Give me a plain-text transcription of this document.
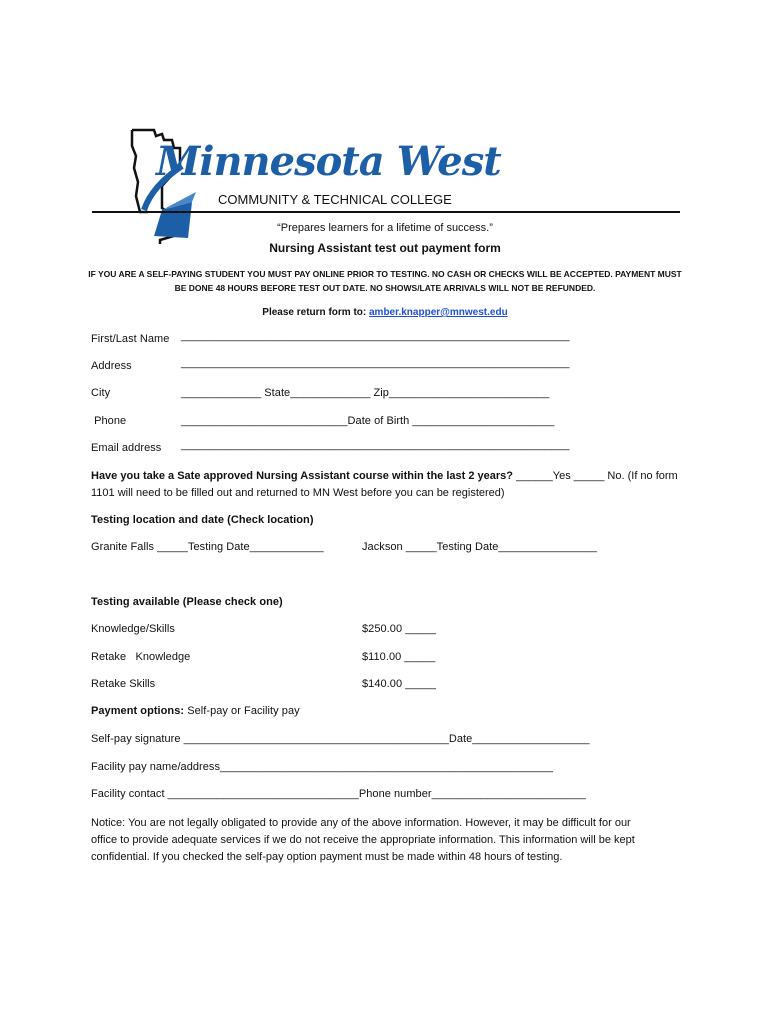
Minnesota West
COMMUNITY & TECHNICAL COLLEGE
“Prepares learners for a lifetime of success.”
Nursing Assistant test out payment form
IF YOU ARE A SELF-PAYING STUDENT YOU MUST PAY ONLINE PRIOR TO TESTING. NO CASH OR CHECKS WILL BE ACCEPTED. PAYMENT MUST
BE DONE 48 HOURS BEFORE TEST OUT DATE. NO SHOWS/LATE ARRIVALS WILL NOT BE REFUNDED.
Please return form to: amber.knapper@mnwest.edu
First/Last Name _______________________________________________________________
Address	_______________________________________________________________
City	_____________ State_____________ Zip__________________________
Phone	___________________________Date of Birth _______________________
Email address _______________________________________________________________
Have you take a Sate approved Nursing Assistant course within the last 2 years? ______Yes _____ No. (If no form
1101 will need to be filled out and returned to MN West before you can be registered)
Testing location and date (Check location)
Granite Falls _____Testing Date____________	Jackson _____Testing Date________________
Testing available (Please check one)
Knowledge/Skills	$250.00 _____
Retake   Knowledge	$110.00 _____
Retake Skills	$140.00 _____
Payment options: Self-pay or Facility pay
Self-pay signature ___________________________________________Date___________________
Facility pay name/address______________________________________________________
Facility contact _______________________________Phone number_________________________
Notice: You are not legally obligated to provide any of the above information. However, it may be difficult for our
office to provide adequate services if we do not receive the appropriate information. This information will be kept
confidential. If you checked the self-pay option payment must be made within 48 hours of testing.
